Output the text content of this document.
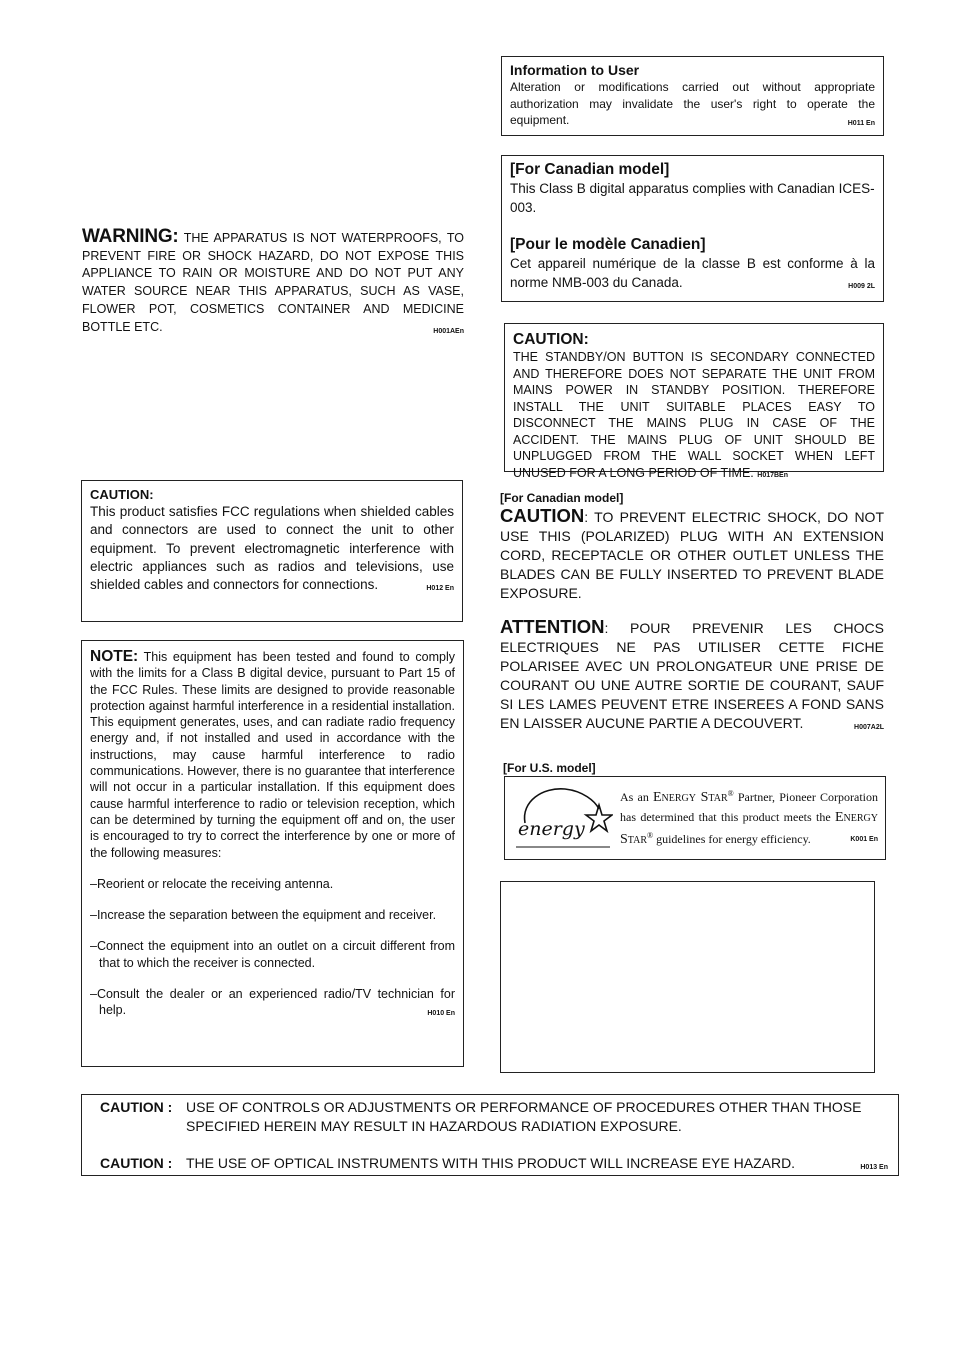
Information to User

Alteration or modifications carried out without appropriate authorization may invalidate the user's right to operate the equipment.	H011 En

[For Canadian model]

This Class B digital apparatus complies with Canadian ICES-003.

[Pour le modèle Canadien]

Cet appareil numérique de la classe B est conforme à la norme NMB-003 du Canada.	H009 2L

WARNING: THE APPARATUS IS NOT WATERPROOFS, TO PREVENT FIRE OR SHOCK HAZARD, DO NOT EXPOSE THIS APPLIANCE TO RAIN OR MOISTURE AND DO NOT PUT ANY WATER SOURCE NEAR THIS APPARATUS, SUCH AS VASE, FLOWER POT, COSMETICS CONTAINER AND MEDICINE BOTTLE ETC.	H001AEn	CAUTION:

THE STANDBY/ON BUTTON IS SECONDARY CONNECTED AND THEREFORE DOES NOT SEPARATE THE UNIT FROM MAINS POWER IN STANDBY POSITION. THEREFORE INSTALL THE UNIT SUITABLE PLACES EASY TO DISCONNECT THE MAINS PLUG IN CASE OF THE ACCIDENT. THE MAINS PLUG OF UNIT SHOULD BE UNPLUGGED FROM THE WALL SOCKET WHEN LEFT UNUSED FOR A LONG PERIOD OF TIME. H017BEn

CAUTION:

This product satisfies FCC regulations when shielded cables and connectors are used to connect the unit to other equipment. To prevent electromagnetic interference with electric appliances such as radios and televisions, use shielded cables and connectors for connections.	H012 En

[For Canadian model]

CAUTION: TO PREVENT ELECTRIC SHOCK, DO NOT USE THIS (POLARIZED) PLUG WITH AN EXTENSION CORD, RECEPTACLE OR OTHER OUTLET UNLESS THE BLADES CAN BE FULLY INSERTED TO PREVENT BLADE EXPOSURE.

ATTENTION: POUR PREVENIR LES CHOCS ELECTRIQUES NE PAS UTILISER CETTE FICHE POLARISEE AVEC UN PROLONGATEUR UNE PRISE DE COURANT OU UNE AUTRE SORTIE DE COURANT, SAUF SI LES LAMES PEUVENT ETRE INSEREES A FOND SANS EN LAISSER AUCUNE PARTIE A DECOUVERT.	H007A2L

NOTE: This equipment has been tested and found to comply with the limits for a Class B digital device, pursuant to Part 15 of the FCC Rules. These limits are designed to provide reasonable protection against harmful interference in a residential installation. This equipment generates, uses, and can radiate radio frequency energy and, if not installed and used in accordance with the instructions, may cause harmful interference to radio communications. However, there is no guarantee that interference will not occur in a particular installation. If this equipment does cause harmful interference to radio or television reception, which can be determined by turning the equipment off and on, the user is encouraged to try to correct the interference by one or more of the following measures:

–Reorient or relocate the receiving antenna.

–Increase the separation between the equipment and receiver.

–Connect the equipment into an outlet on a circuit different from that to which the receiver is connected.

–Consult the dealer or an experienced radio/TV technician for help.	H010 En

[For U.S. model]
energy
As an Energy Star® Partner, Pioneer Corporation has determined that this product meets the Energy Star® guidelines for energy efficiency.	K001 En
CAUTION : USE OF CONTROLS OR ADJUSTMENTS OR PERFORMANCE OF PROCEDURES OTHER THAN THOSE SPECIFIED HEREIN MAY RESULT IN HAZARDOUS RADIATION EXPOSURE.
CAUTION : THE USE OF OPTICAL INSTRUMENTS WITH THIS PRODUCT WILL INCREASE EYE HAZARD.	H013 En
